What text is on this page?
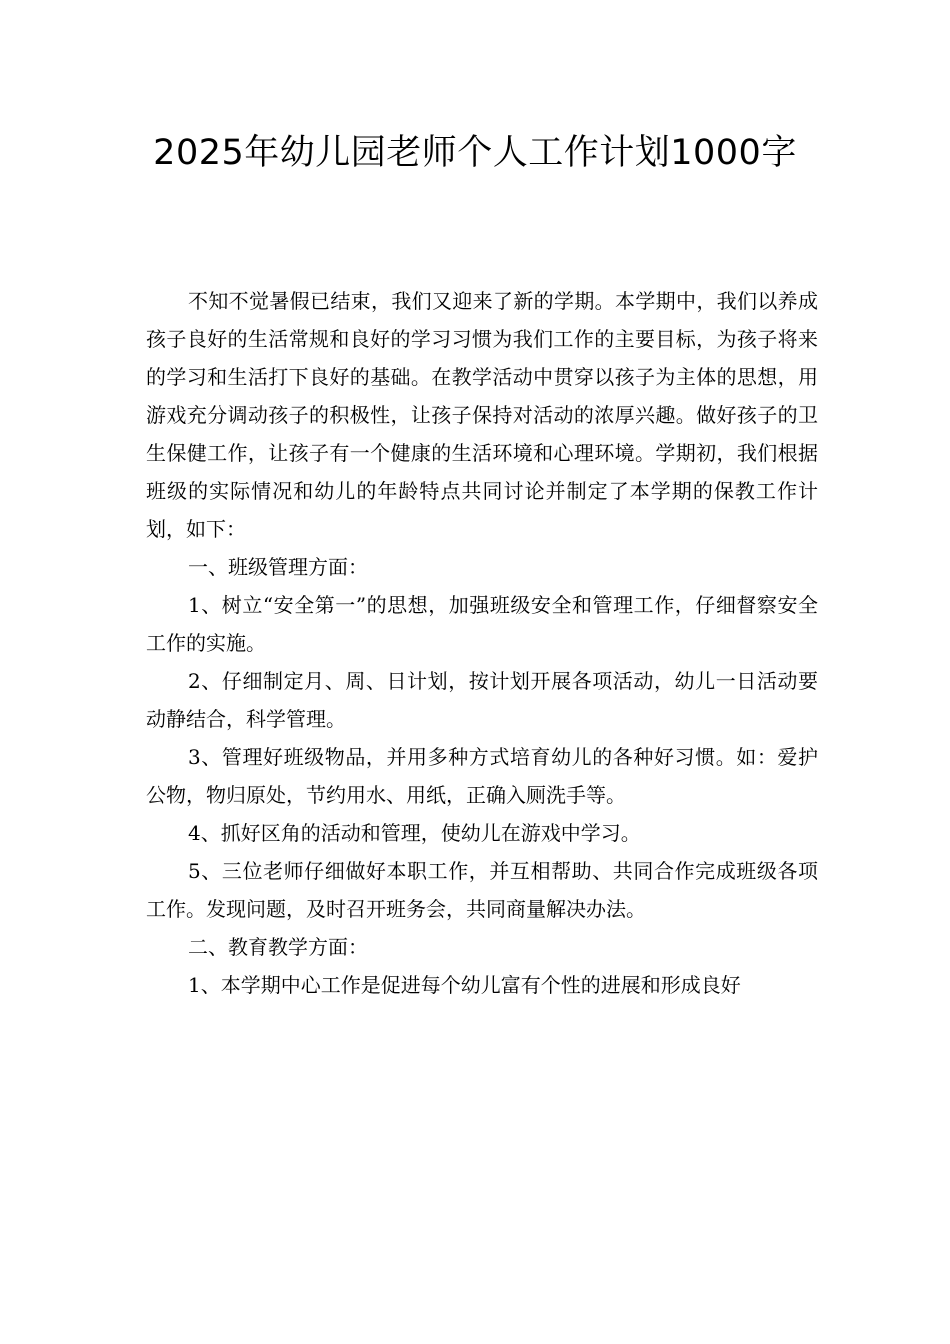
2025年幼儿园老师个人工作计划1000字

不知不觉暑假已结束，我们又迎来了新的学期。本学期中，我们以养成孩子良好的生活常规和良好的学习习惯为我们工作的主要目标，为孩子将来的学习和生活打下良好的基础。在教学活动中贯穿以孩子为主体的思想，用游戏充分调动孩子的积极性，让孩子保持对活动的浓厚兴趣。做好孩子的卫生保健工作，让孩子有一个健康的生活环境和心理环境。学期初，我们根据班级的实际情况和幼儿的年龄特点共同讨论并制定了本学期的保教工作计划，如下：

一、班级管理方面：

1、树立“安全第一”的思想，加强班级安全和管理工作，仔细督察安全工作的实施。

2、仔细制定月、周、日计划，按计划开展各项活动，幼儿一日活动要动静结合，科学管理。

3、管理好班级物品，并用多种方式培育幼儿的各种好习惯。如：爱护公物，物归原处，节约用水、用纸，正确入厕洗手等。

4、抓好区角的活动和管理，使幼儿在游戏中学习。

5、三位老师仔细做好本职工作，并互相帮助、共同合作完成班级各项工作。发现问题，及时召开班务会，共同商量解决办法。

二、教育教学方面：

1、本学期中心工作是促进每个幼儿富有个性的进展和形成良好
